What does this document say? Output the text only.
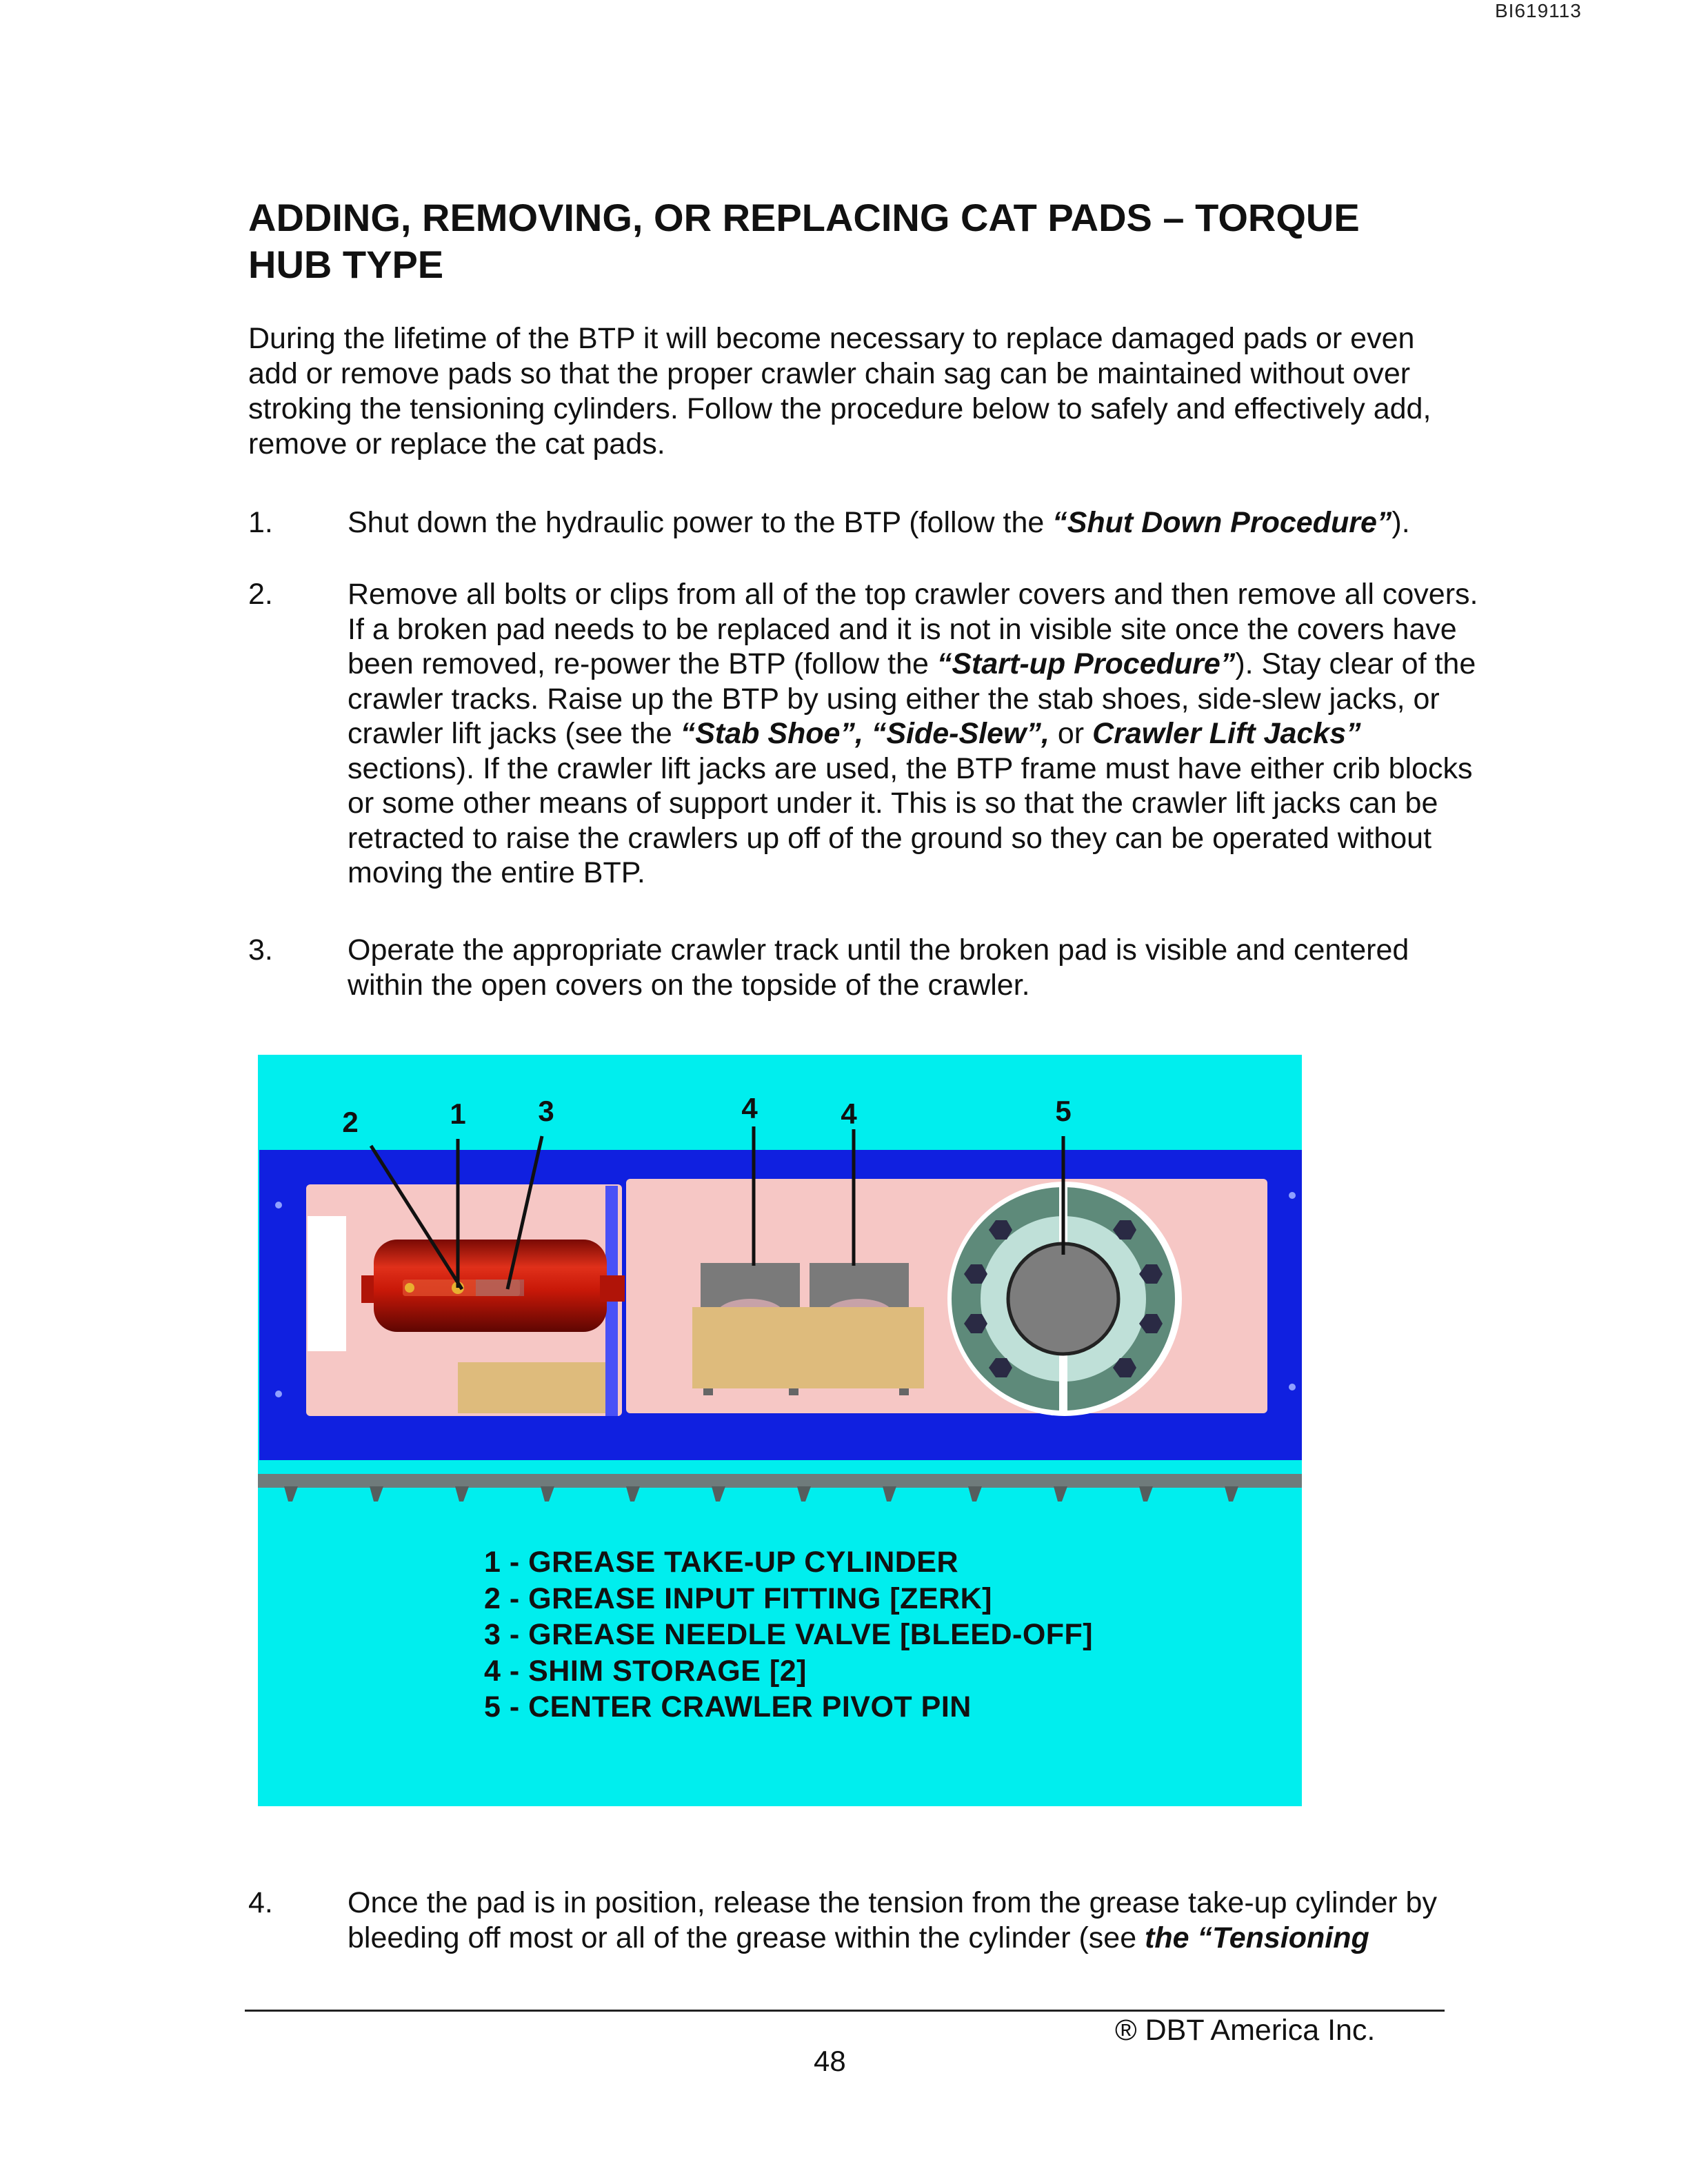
BI619113
ADDING, REMOVING, OR REPLACING CAT PADS – TORQUE HUB TYPE

During the lifetime of the BTP it will become necessary to replace damaged pads or even add or remove pads so that the proper crawler chain sag can be maintained without over stroking the tensioning cylinders. Follow the procedure below to safely and effectively add, remove or replace the cat pads.

1.	Shut down the hydraulic power to the BTP (follow the “Shut Down Procedure”).
2.	Remove all bolts or clips from all of the top crawler covers and then remove all covers. If a broken pad needs to be replaced and it is not in visible site once the covers have been removed, re-power the BTP (follow the “Start-up Procedure”). Stay clear of the crawler tracks. Raise up the BTP by using either the stab shoes, side-slew jacks, or crawler lift jacks (see the “Stab Shoe”, “Side-Slew”, or Crawler Lift Jacks” sections). If the crawler lift jacks are used, the BTP frame must have either crib blocks or some other means of support under it. This is so that the crawler lift jacks can be retracted to raise the crawlers up off of the ground so they can be operated without moving the entire BTP.
3.	Operate the appropriate crawler track until the broken pad is visible and centered within the open covers on the topside of the crawler.
2	1 3	4	4	5
1 - GREASE TAKE-UP CYLINDER
2 - GREASE INPUT FITTING [ZERK]
3 - GREASE NEEDLE VALVE [BLEED-OFF]
4 - SHIM STORAGE [2]
5 - CENTER CRAWLER PIVOT PIN
4.	Once the pad is in position, release the tension from the grease take-up cylinder by bleeding off most or all of the grease within the cylinder (see the “Tensioning
® DBT America Inc.
48
